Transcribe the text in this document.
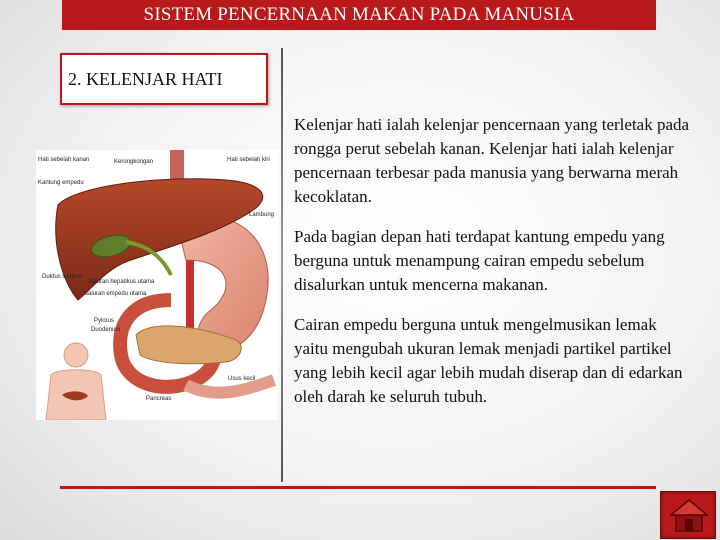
SISTEM PENCERNAAN MAKAN PADA MANUSIA
2. KELENJAR HATI
Hati sebelah kanan	Kerongkongan	Hati sebelah kiri
Kantung empedu
Lambung
Duktus sistikus
Saluran hepatikus utama
Saluran empedu utama
Pylorus
Duodenum
Usus kecil
Pancreas

Kelenjar hati ialah kelenjar pencernaan yang terletak pada rongga perut sebelah kanan. Kelenjar hati ialah kelenjar pencernaan terbesar pada manusia yang berwarna merah kecoklatan.

Pada bagian depan hati terdapat kantung empedu yang berguna untuk menampung cairan empedu sebelum disalurkan untuk mencerna makanan.

Cairan empedu berguna untuk mengelmusikan lemak yaitu mengubah ukuran lemak menjadi partikel partikel yang lebih kecil agar lebih mudah diserap dan di edarkan oleh darah ke seluruh tubuh.
